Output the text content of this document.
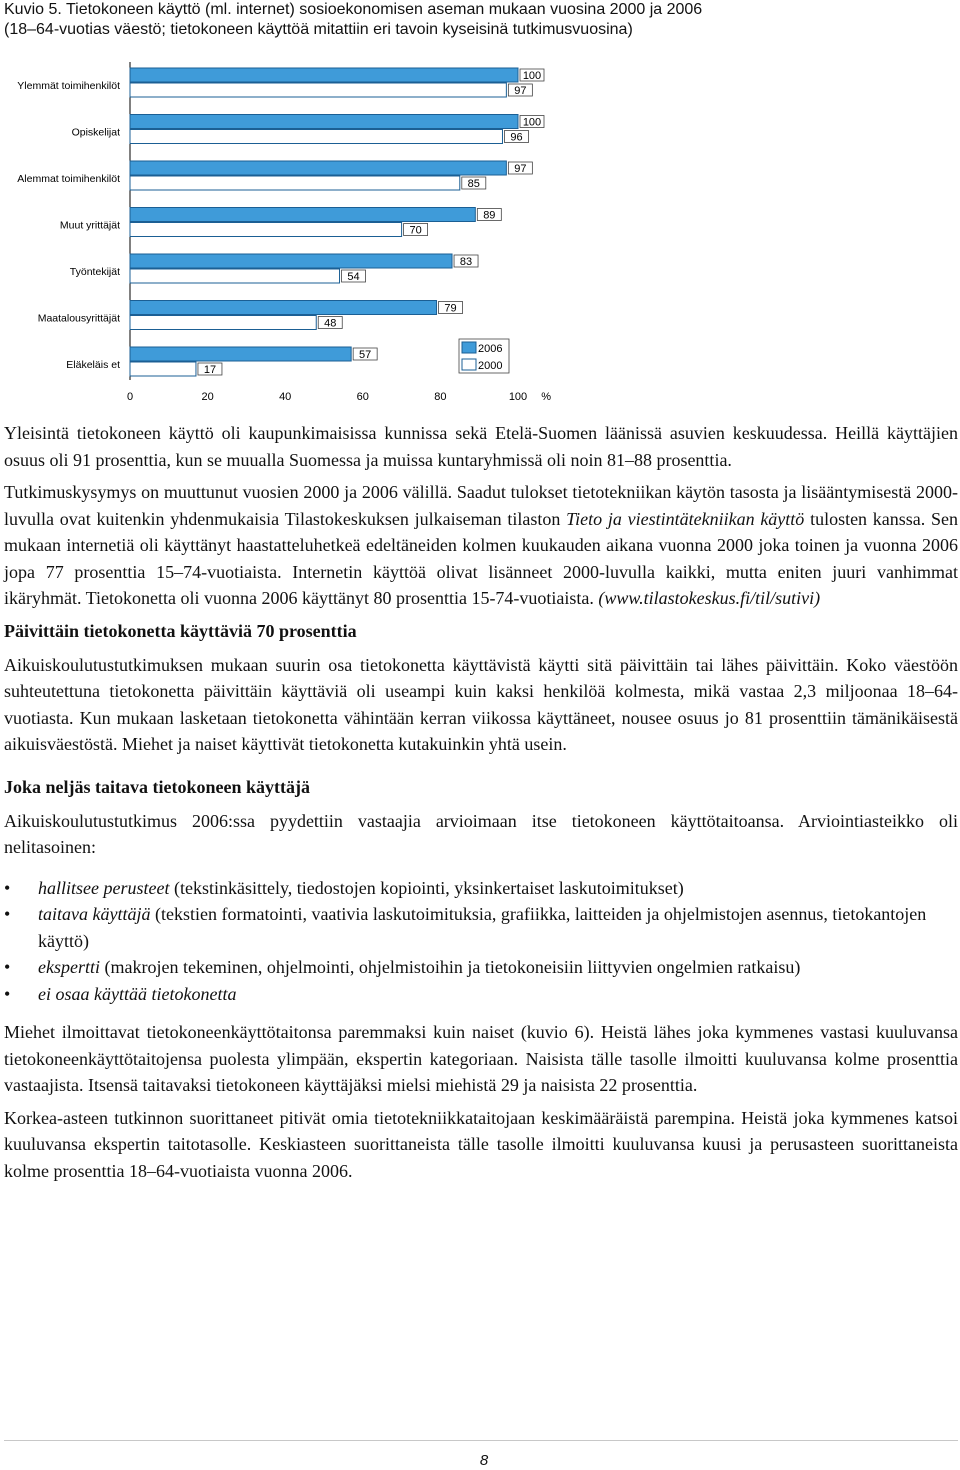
Kuvio 5. Tietokoneen käyttö (ml. internet) sosioekonomisen aseman mukaan vuosina 2000 ja 2006
(18–64-vuotias väestö; tietokoneen käyttöä mitattiin eri tavoin kyseisinä tutkimusvuosina)
Ylemmät toimihenkilöt
100
97
Opiskelijat
100
96
Alemmat toimihenkilöt
97
85
Muut yrittäjät
89
70
Työntekijät
83
54
Maatalousyrittäjät
79
48
Eläkeläis et
57
17
0	20	40	60	80	100 %
2006
2000

Yleisintä tietokoneen käyttö oli kaupunkimaisissa kunnissa sekä Etelä-Suomen läänissä asuvien keskuudessa. Heillä käyttäjien osuus oli 91 prosenttia, kun se muualla Suomessa ja muissa kuntaryhmissä oli noin 81–88 prosenttia.

Tutkimuskysymys on muuttunut vuosien 2000 ja 2006 välillä. Saadut tulokset tietotekniikan käytön tasosta ja lisääntymisestä 2000-luvulla ovat kuitenkin yhdenmukaisia Tilastokeskuksen julkaiseman tilaston Tieto ja viestintätekniikan käyttö tulosten kanssa. Sen mukaan internetiä oli käyttänyt haastatteluhetkeä edeltäneiden kolmen kuukauden aikana vuonna 2000 joka toinen ja vuonna 2006 jopa 77 prosenttia 15–74-vuotiaista. Internetin käyttöä olivat lisänneet 2000-luvulla kaikki, mutta eniten juuri vanhimmat ikäryhmät. Tietokonetta oli vuonna 2006 käyttänyt 80 prosenttia 15-74-vuotiaista. (www.tilastokeskus.fi/til/sutivi)

Päivittäin tietokonetta käyttäviä 70 prosenttia

Aikuiskoulutustutkimuksen mukaan suurin osa tietokonetta käyttävistä käytti sitä päivittäin tai lähes päivittäin. Koko väestöön suhteutettuna tietokonetta päivittäin käyttäviä oli useampi kuin kaksi henkilöä kolmesta, mikä vastaa 2,3 miljoonaa 18–64-vuotiasta. Kun mukaan lasketaan tietokonetta vähintään kerran viikossa käyttäneet, nousee osuus jo 81 prosenttiin tämänikäisestä aikuisväestöstä. Miehet ja naiset käyttivät tietokonetta kutakuinkin yhtä usein.

Joka neljäs taitava tietokoneen käyttäjä

Aikuiskoulutustutkimus 2006:ssa pyydettiin vastaajia arvioimaan itse tietokoneen käyttötaitoansa. Arviointiasteikko oli nelitasoinen:

• hallitsee perusteet (tekstinkäsittely, tiedostojen kopiointi, yksinkertaiset laskutoimitukset)
• taitava käyttäjä (tekstien formatointi, vaativia laskutoimituksia, grafiikka, laitteiden ja ohjelmistojen asennus, tietokantojen käyttö)
• ekspertti (makrojen tekeminen, ohjelmointi, ohjelmistoihin ja tietokoneisiin liittyvien ongelmien ratkaisu)
• ei osaa käyttää tietokonetta

Miehet ilmoittavat tietokoneenkäyttötaitonsa paremmaksi kuin naiset (kuvio 6). Heistä lähes joka kymmenes vastasi kuuluvansa tietokoneenkäyttötaitojensa puolesta ylimpään, ekspertin kategoriaan. Naisista tälle tasolle ilmoitti kuuluvansa kolme prosenttia vastaajista. Itsensä taitavaksi tietokoneen käyttäjäksi mielsi miehistä 29 ja naisista 22 prosenttia.

Korkea-asteen tutkinnon suorittaneet pitivät omia tietotekniikkataitojaan keskimääräistä parempina. Heistä joka kymmenes katsoi kuuluvansa ekspertin taitotasolle. Keskiasteen suorittaneista tälle tasolle ilmoitti kuuluvansa kuusi ja perusasteen suorittaneista kolme prosenttia 18–64-vuotiaista vuonna 2006.

8
